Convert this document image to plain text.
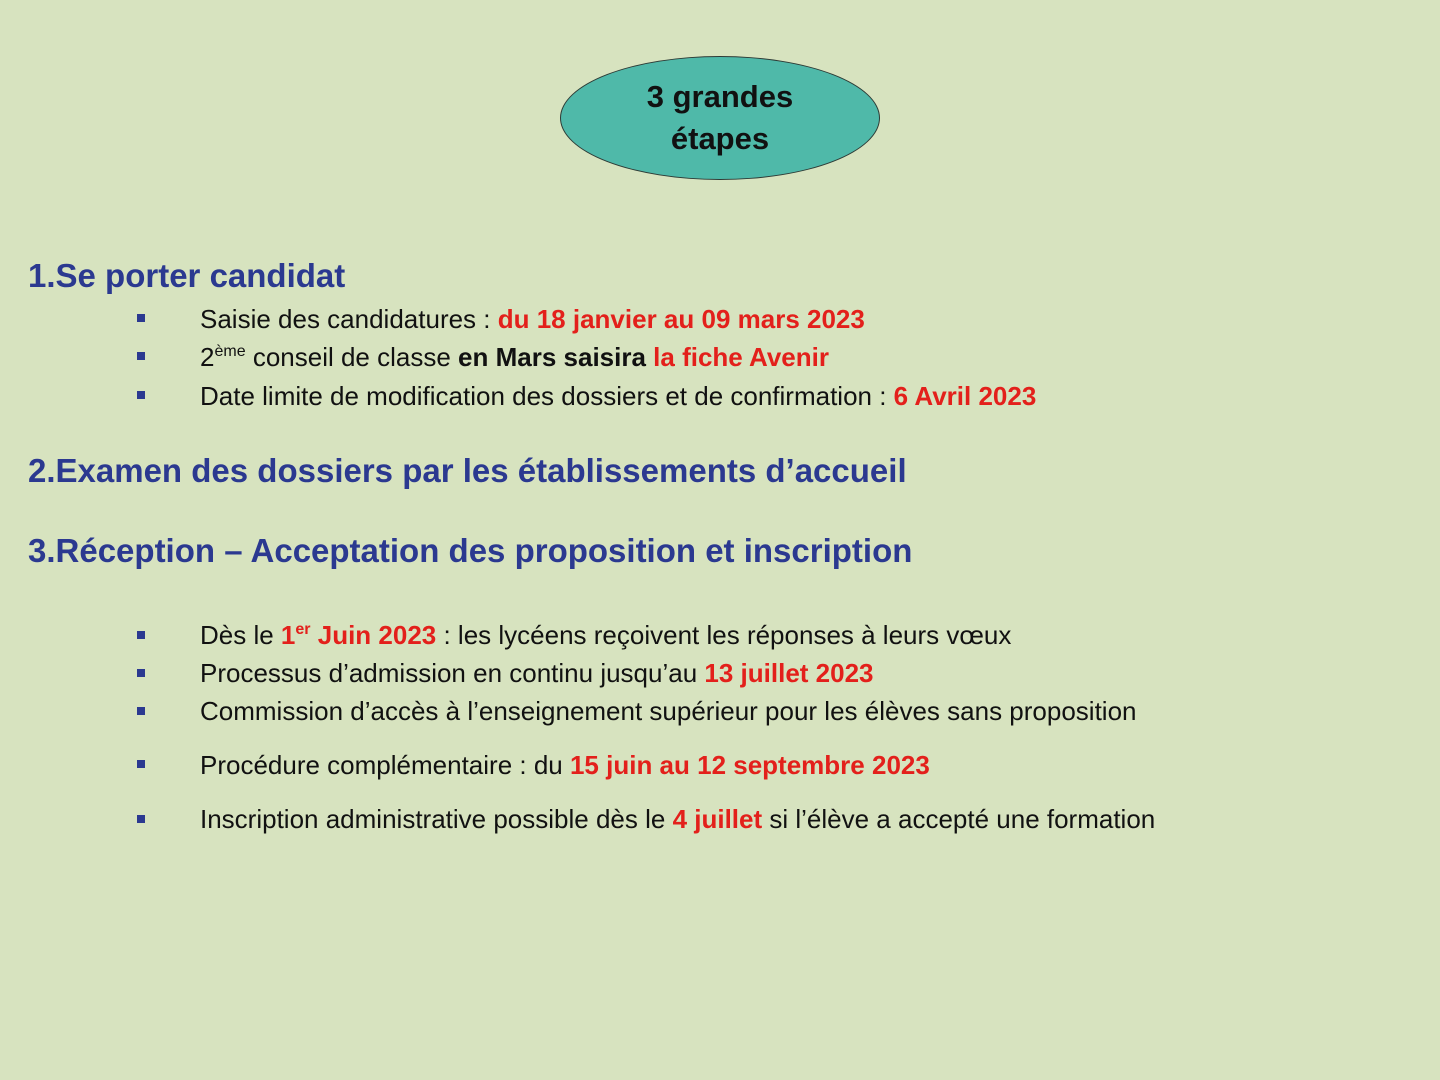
3 grandes
étapes
1.Se porter candidat
Saisie des candidatures : du 18 janvier au 09 mars 2023
2ème conseil de classe en Mars saisira la fiche Avenir
Date limite de modification des dossiers et de confirmation : 6 Avril 2023
2.Examen des dossiers par les établissements d’accueil
3.Réception – Acceptation des proposition et inscription
Dès le 1er Juin 2023 : les lycéens reçoivent les réponses à leurs vœux
Processus d’admission en continu jusqu’au 13 juillet 2023
Commission d’accès à l’enseignement supérieur pour les élèves sans proposition
Procédure complémentaire : du 15 juin au 12 septembre 2023
Inscription administrative possible dès le 4 juillet si l’élève a accepté une formation
